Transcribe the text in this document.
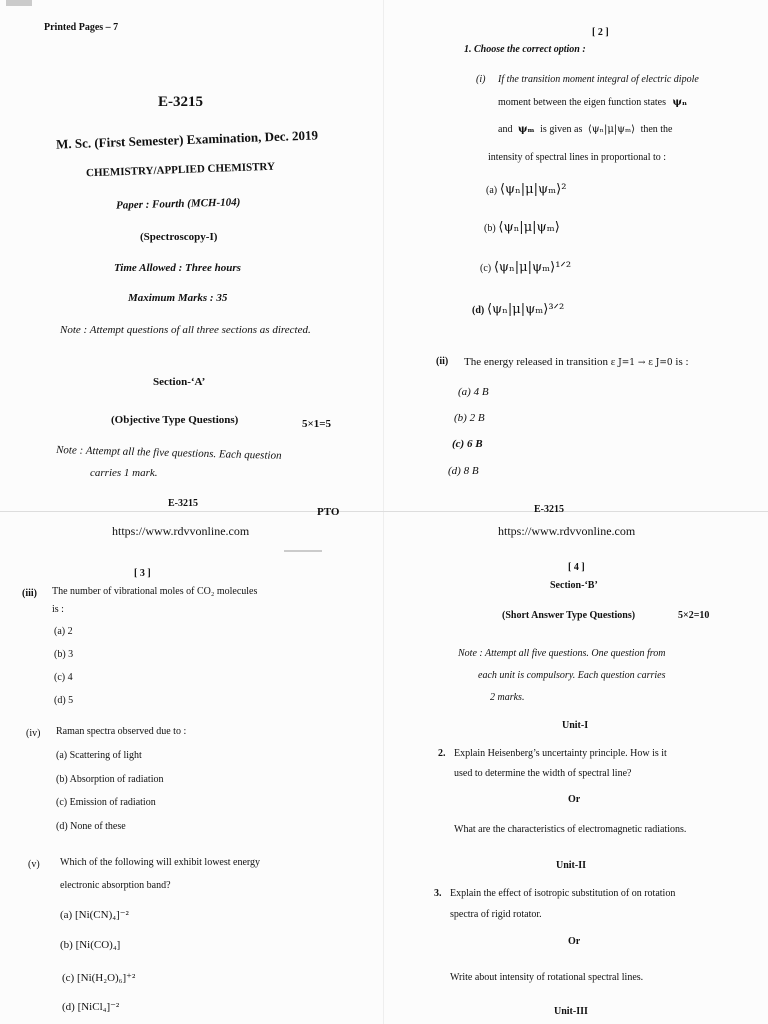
Printed Pages – 7
E-3215
M. Sc. (First Semester) Examination, Dec. 2019
CHEMISTRY/APPLIED CHEMISTRY
Paper : Fourth (MCH-104)
(Spectroscopy-I)
Time Allowed : Three hours
Maximum Marks : 35
Note : Attempt questions of all three sections as directed.
Section-‘A’
(Objective Type Questions)	5×1=5
Note : Attempt all the five questions. Each question
carries 1 mark.
E-3215
PTO
https://www.rdvvonline.com	https://www.rdvvonline.com
[ 2 ]
1. Choose the correct option :
(i) If the transition moment integral of electric dipole
moment between the eigen function states ψₙ
and ψₘ is given as ⟨ψₙ|μ|ψₘ⟩ then the
intensity of spectral lines in proportional to :
(a) ⟨ψₙ|μ|ψₘ⟩²
(b) ⟨ψₙ|μ|ψₘ⟩
(c) ⟨ψₙ|μ|ψₘ⟩¹ᐟ²
(d) ⟨ψₙ|μ|ψₘ⟩³ᐟ²
(ii) The energy released in transition ε J=1 → ε J=0 is :
(a) 4 B
(b) 2 B
(c) 6 B
(d) 8 B
E-3215
[ 3 ]
(iii) The number of vibrational moles of CO₂ molecules
is :
(a) 2
(b) 3
(c) 4
(d) 5
(iv) Raman spectra observed due to :
(a) Scattering of light
(b) Absorption of radiation
(c) Emission of radiation
(d) None of these
(v) Which of the following will exhibit lowest energy
electronic absorption band?
(a) [Ni(CN)₄]⁻²
(b) [Ni(CO)₄]
(c) [Ni(H₂O)₆]⁺²
(d) [NiCl₄]⁻²
[ 4 ]
Section-‘B’
(Short Answer Type Questions)	5×2=10
Note : Attempt all five questions. One question from
each unit is compulsory. Each question carries
2 marks.
Unit-I
2. Explain Heisenberg’s uncertainty principle. How is it
used to determine the width of spectral line?
Or
What are the characteristics of electromagnetic radiations.
Unit-II
3. Explain the effect of isotropic substitution of on rotation
spectra of rigid rotator.
Or
Write about intensity of rotational spectral lines.
Unit-III
